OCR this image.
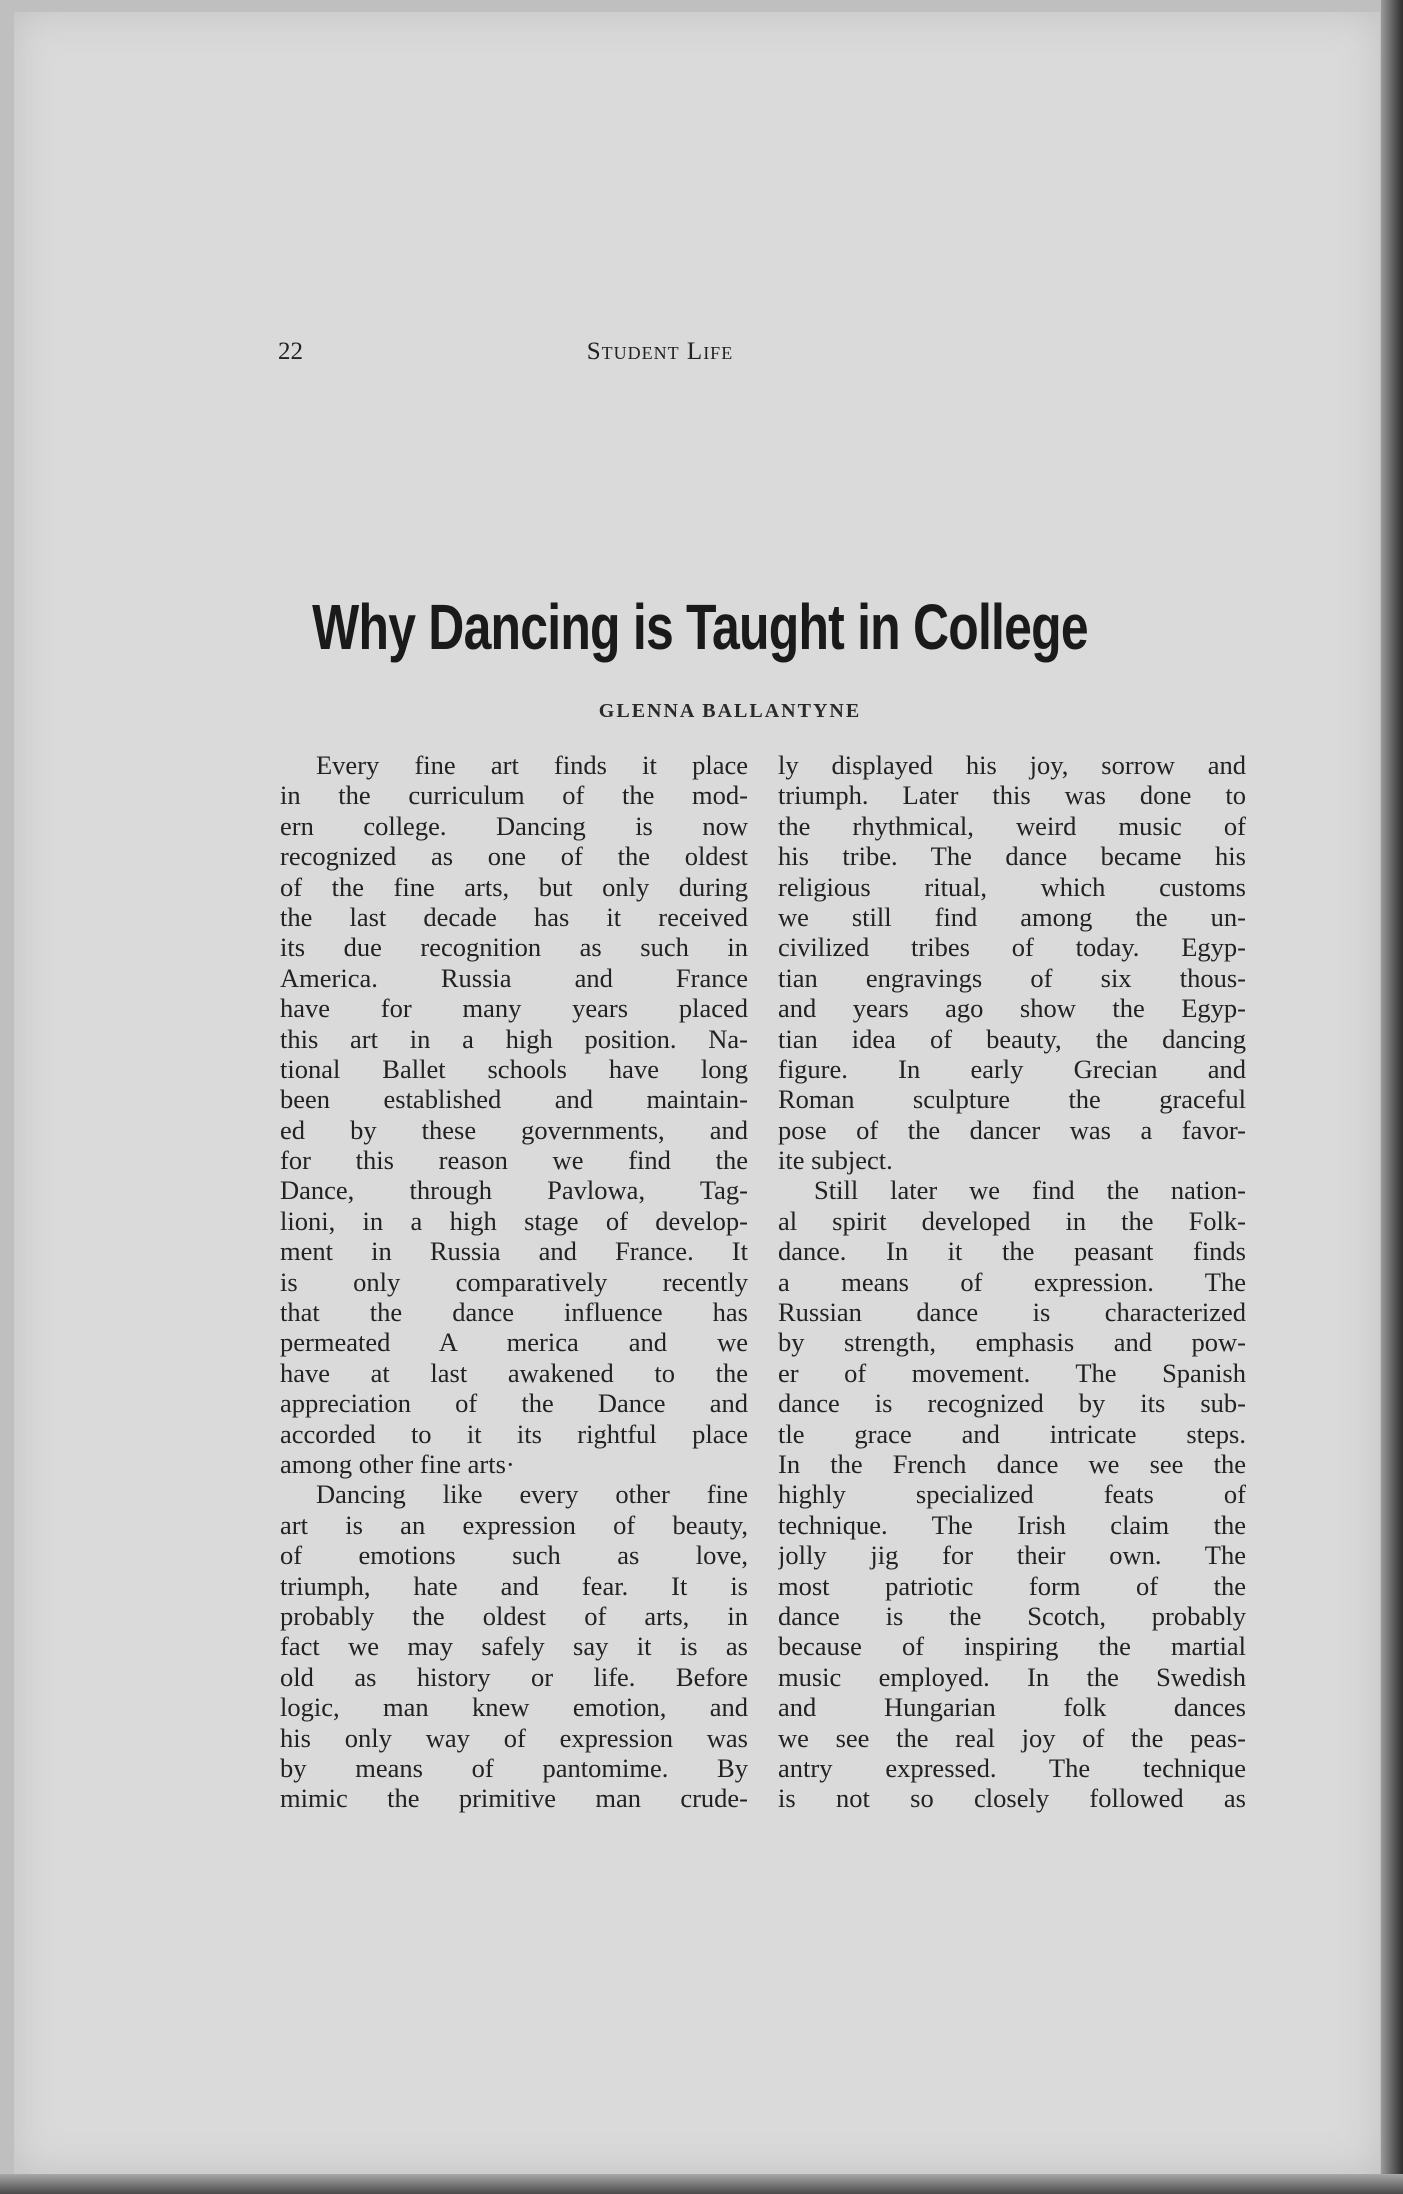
22	Student Life
Why Dancing is Taught in College
GLENNA BALLANTYNE
Every fine art finds it place
in the curriculum of the mod-
ern college. Dancing is now
recognized as one of the oldest
of the fine arts, but only during
the last decade has it received
its due recognition as such in
America. Russia and France
have for many years placed
this art in a high position. Na-
tional Ballet schools have long
been established and maintain-
ed by these governments, and
for this reason we find the
Dance, through Pavlowa, Tag-
lioni, in a high stage of develop-
ment in Russia and France. It
is only comparatively recently
that the dance influence has
permeated A merica and we
have at last awakened to the
appreciation of the Dance and
accorded to it its rightful place
among other fine arts·
Dancing like every other fine
art is an expression of beauty,
of emotions such as love,
triumph, hate and fear. It is
probably the oldest of arts, in
fact we may safely say it is as
old as history or life. Before
logic, man knew emotion, and
his only way of expression was
by means of pantomime. By
mimic the primitive man crude-
ly displayed his joy, sorrow and
triumph. Later this was done to
the rhythmical, weird music of
his tribe. The dance became his
religious ritual, which customs
we still find among the un-
civilized tribes of today. Egyp-
tian engravings of six thous-
and years ago show the Egyp-
tian idea of beauty, the dancing
figure. In early Grecian and
Roman sculpture the graceful
pose of the dancer was a favor-
ite subject.
Still later we find the nation-
al spirit developed in the Folk-
dance. In it the peasant finds
a means of expression. The
Russian dance is characterized
by strength, emphasis and pow-
er of movement. The Spanish
dance is recognized by its sub-
tle grace and intricate steps.
In the French dance we see the
highly specialized feats of
technique. The Irish claim the
jolly jig for their own. The
most patriotic form of the
dance is the Scotch, probably
because of inspiring the martial
music employed. In the Swedish
and Hungarian folk dances
we see the real joy of the peas-
antry expressed. The technique
is not so closely followed as
